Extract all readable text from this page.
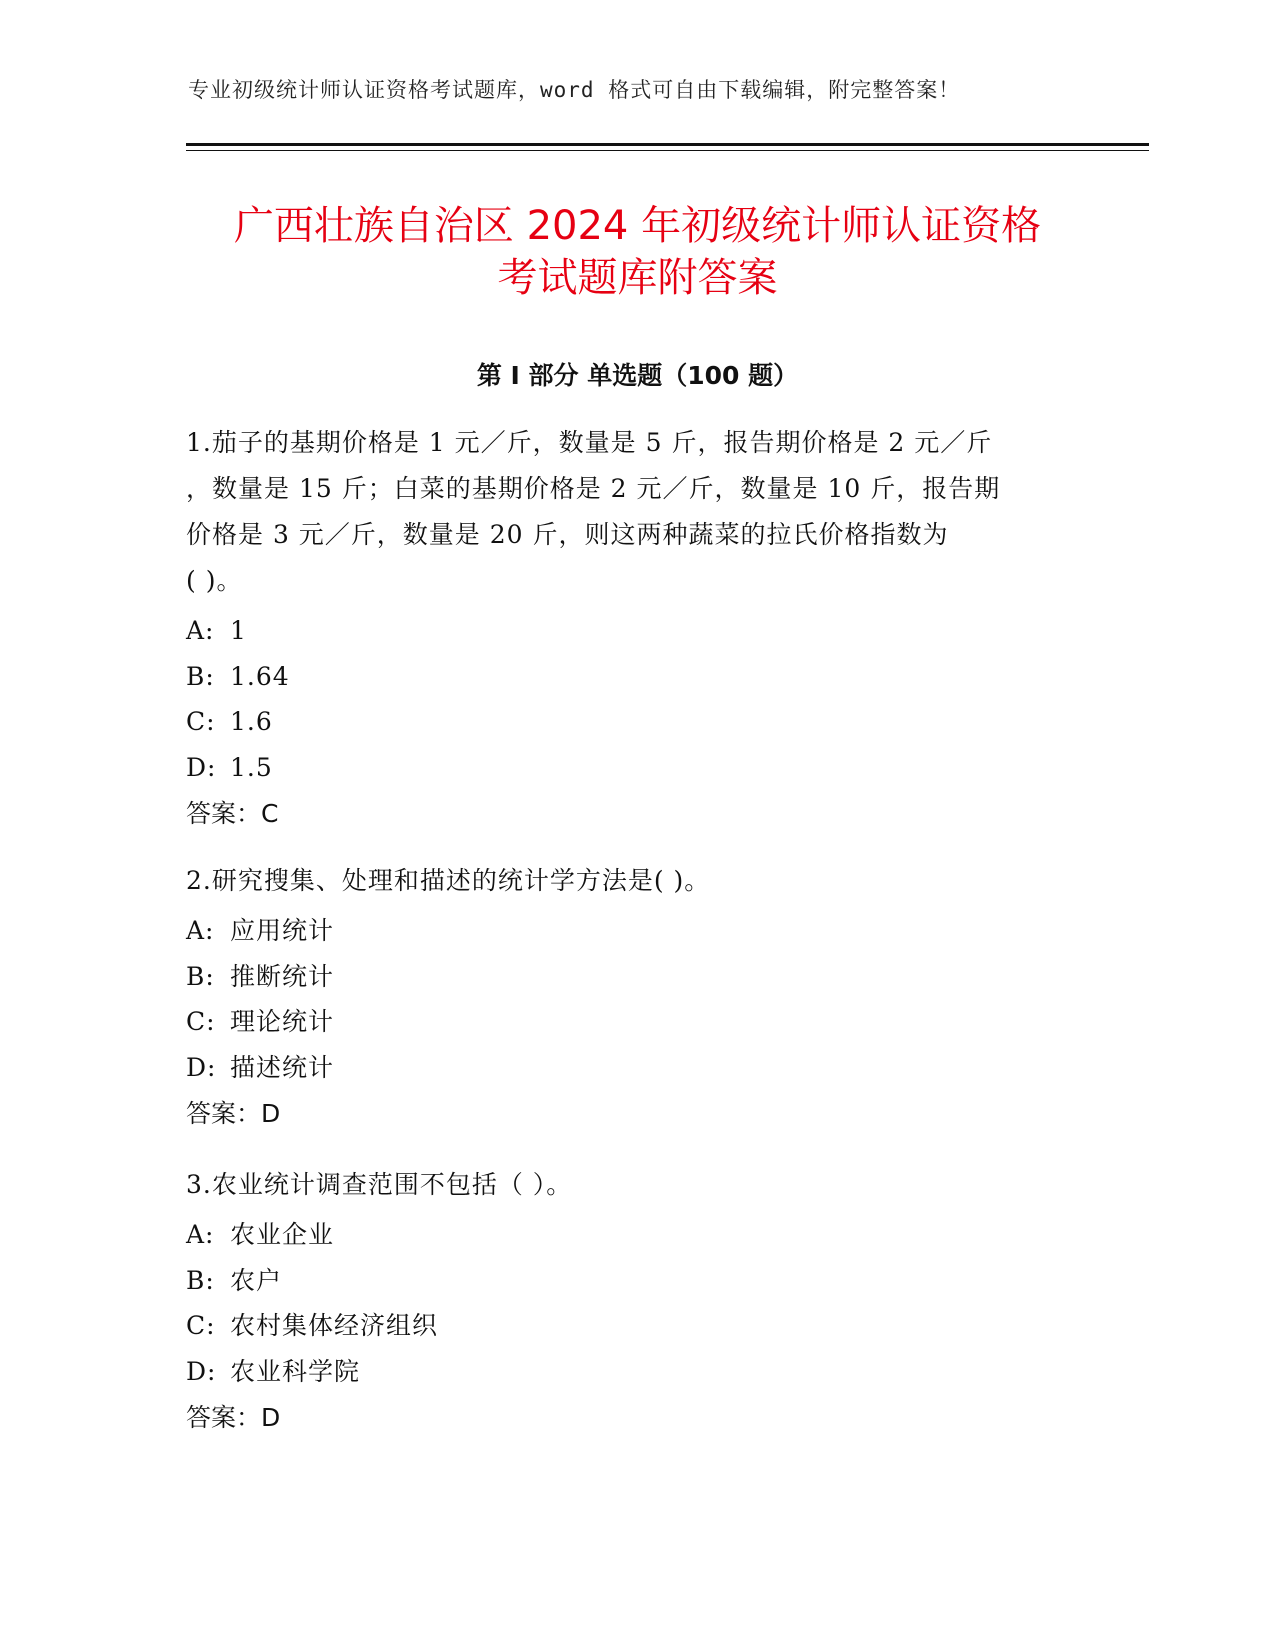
专业初级统计师认证资格考试题库，word 格式可自由下载编辑，附完整答案！
广西壮族自治区 2024 年初级统计师认证资格
考试题库附答案
第 I 部分 单选题（100 题）
1.茄子的基期价格是 1 元／斤，数量是 5 斤，报告期价格是 2 元／斤
，数量是 15 斤；白菜的基期价格是 2 元／斤，数量是 10 斤，报告期
价格是 3 元／斤，数量是 20 斤，则这两种蔬菜的拉氏价格指数为
( )。
A: 1
B: 1.64
C: 1.6
D: 1.5
答案：C
2.研究搜集、处理和描述的统计学方法是( )。
A: 应用统计
B: 推断统计
C: 理论统计
D: 描述统计
答案：D
3.农业统计调查范围不包括（ ）。
A: 农业企业
B: 农户
C: 农村集体经济组织
D: 农业科学院
答案：D
